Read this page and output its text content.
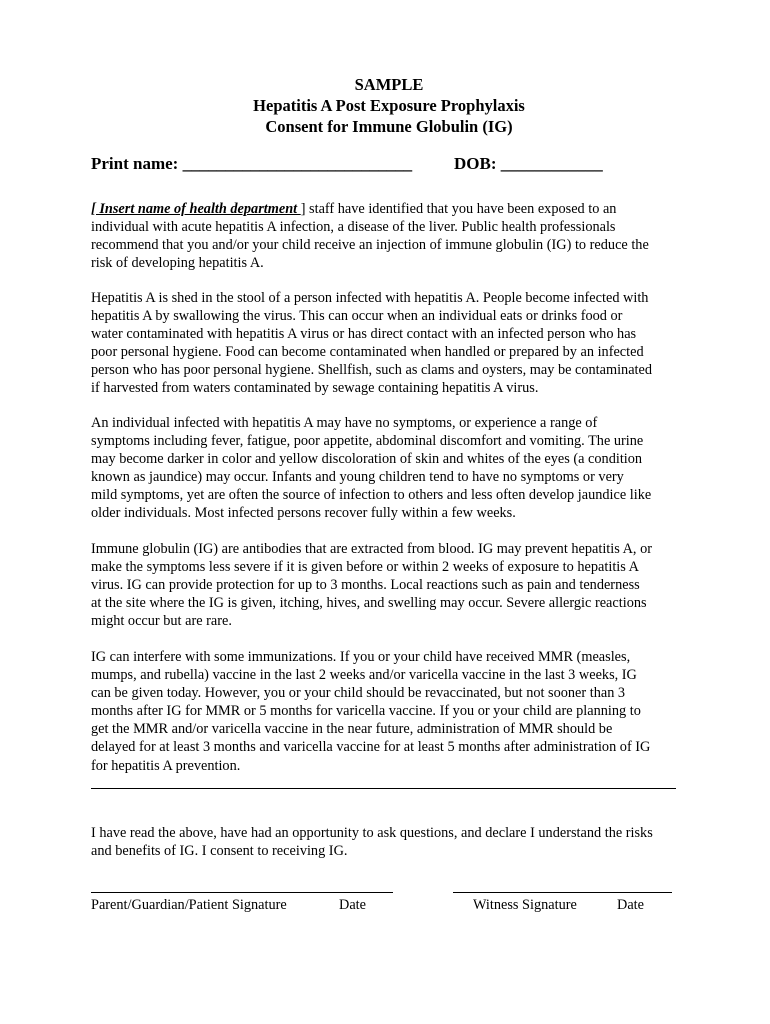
SAMPLE
Hepatitis A Post Exposure Prophylaxis
Consent for Immune Globulin (IG)
Print name: ___________________________ DOB: ____________
[ Insert name of health department ] staff have identified that you have been exposed to an
individual with acute hepatitis A infection, a disease of the liver. Public health professionals
recommend that you and/or your child receive an injection of immune globulin (IG) to reduce the
risk of developing hepatitis A.
Hepatitis A is shed in the stool of a person infected with hepatitis A. People become infected with
hepatitis A by swallowing the virus. This can occur when an individual eats or drinks food or
water contaminated with hepatitis A virus or has direct contact with an infected person who has
poor personal hygiene. Food can become contaminated when handled or prepared by an infected
person who has poor personal hygiene. Shellfish, such as clams and oysters, may be contaminated
if harvested from waters contaminated by sewage containing hepatitis A virus.
An individual infected with hepatitis A may have no symptoms, or experience a range of
symptoms including fever, fatigue, poor appetite, abdominal discomfort and vomiting. The urine
may become darker in color and yellow discoloration of skin and whites of the eyes (a condition
known as jaundice) may occur. Infants and young children tend to have no symptoms or very
mild symptoms, yet are often the source of infection to others and less often develop jaundice like
older individuals. Most infected persons recover fully within a few weeks.
Immune globulin (IG) are antibodies that are extracted from blood. IG may prevent hepatitis A, or
make the symptoms less severe if it is given before or within 2 weeks of exposure to hepatitis A
virus. IG can provide protection for up to 3 months. Local reactions such as pain and tenderness
at the site where the IG is given, itching, hives, and swelling may occur. Severe allergic reactions
might occur but are rare.
IG can interfere with some immunizations. If you or your child have received MMR (measles,
mumps, and rubella) vaccine in the last 2 weeks and/or varicella vaccine in the last 3 weeks, IG
can be given today. However, you or your child should be revaccinated, but not sooner than 3
months after IG for MMR or 5 months for varicella vaccine. If you or your child are planning to
get the MMR and/or varicella vaccine in the near future, administration of MMR should be
delayed for at least 3 months and varicella vaccine for at least 5 months after administration of IG
for hepatitis A prevention.
I have read the above, have had an opportunity to ask questions, and declare I understand the risks
and benefits of IG. I consent to receiving IG.
Parent/Guardian/Patient Signature	Date	Witness Signature	Date
